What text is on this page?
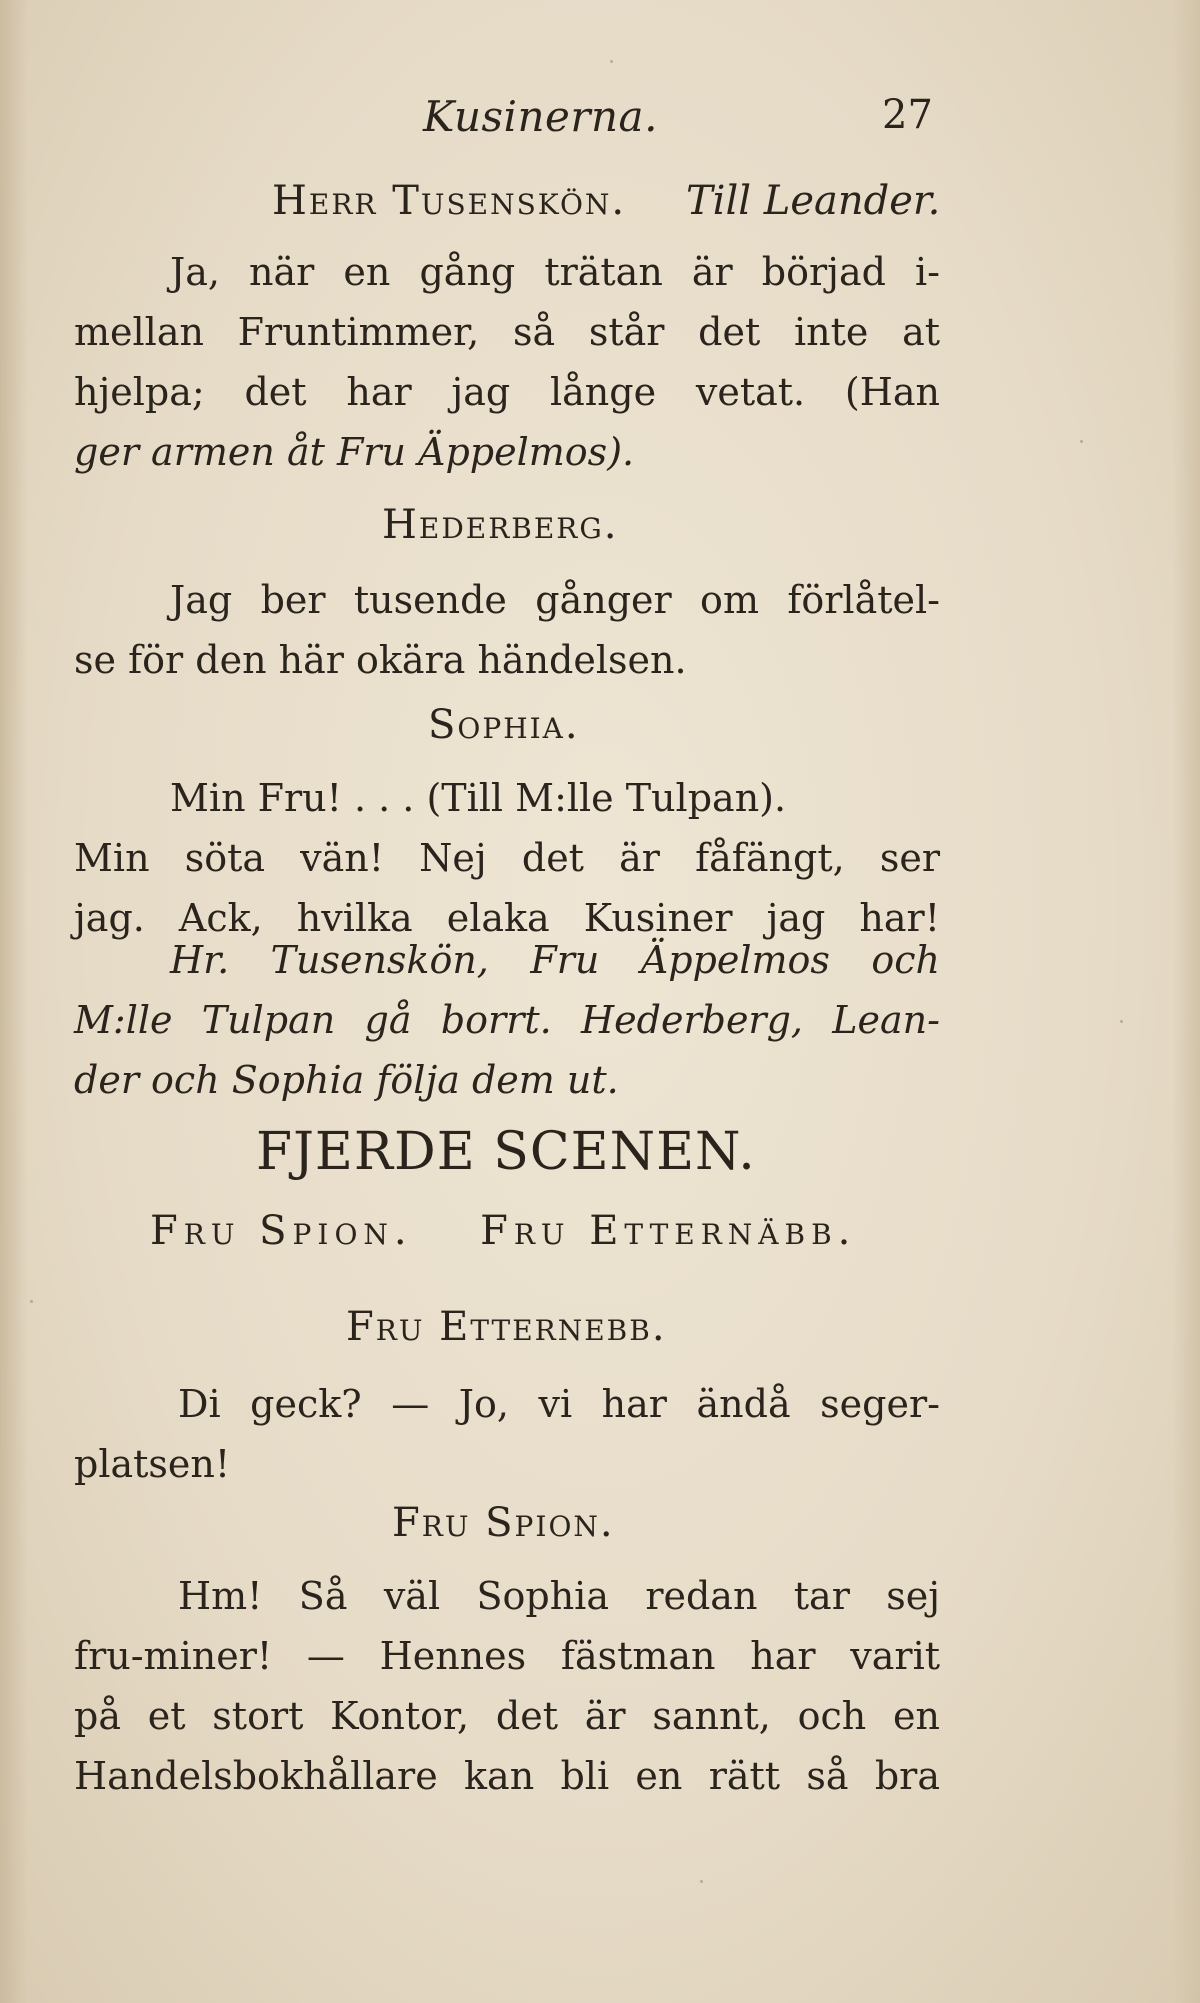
Kusinerna.	27
Herr Tusenskön. Till Leander.
Ja, när en gång trätan är börjad i-
mellan Fruntimmer, så står det inte at
hjelpa; det har jag långe vetat. (Han
ger armen åt Fru Äppelmos).
Hederberg.
Jag ber tusende gånger om förlåtel-
se för den här okära händelsen.
Sophia.
Min Fru! . . . (Till M:lle Tulpan).
Min söta vän! Nej det är fåfängt, ser
jag. Ack, hvilka elaka Kusiner jag har!
Hr. Tusenskön, Fru Äppelmos och
M:lle Tulpan gå borrt. Hederberg, Lean-
der och Sophia följa dem ut.
FJERDE SCENEN.
Fru Spion. Fru Etternäbb.
Fru Etternebb.
Di geck? — Jo, vi har ändå seger-
platsen!
Fru Spion.
Hm! Så väl Sophia redan tar sej
fru-miner! — Hennes fästman har varit
på et stort Kontor, det är sannt, och en
Handelsbokhållare kan bli en rätt så bra
